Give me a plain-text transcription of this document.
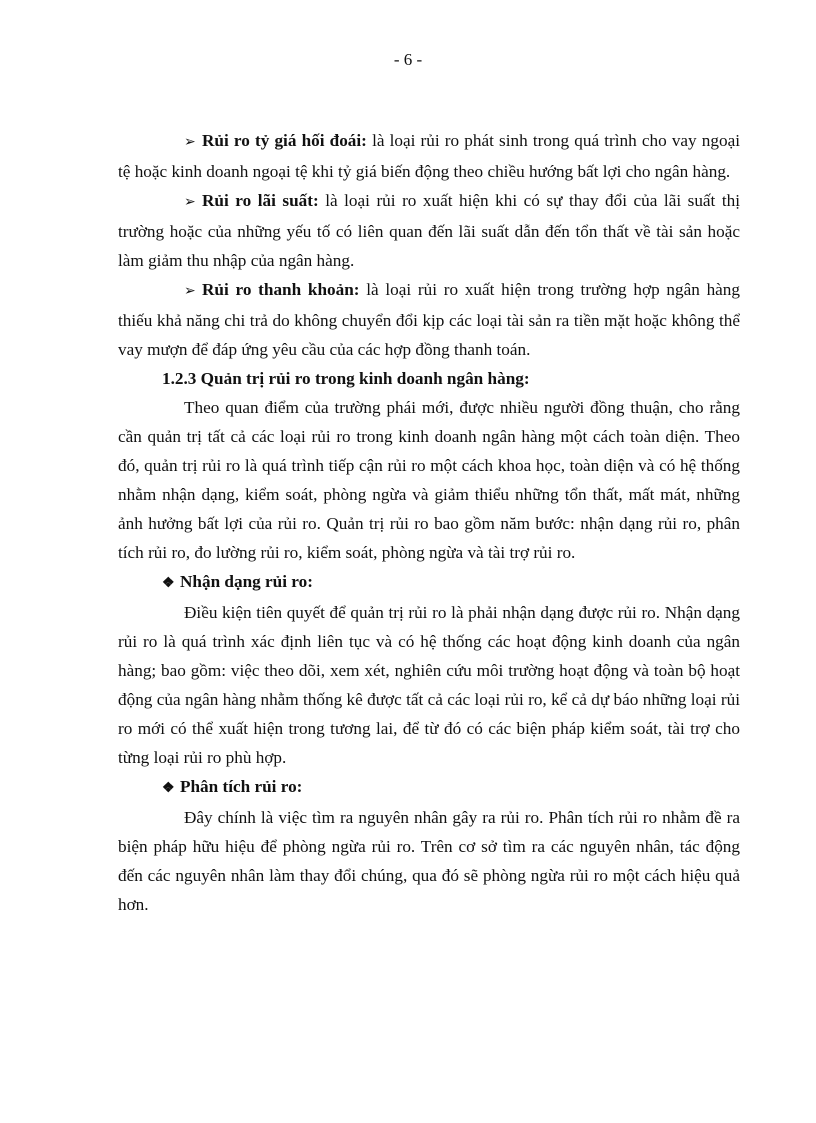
- 6 -

➢ Rủi ro tỷ giá hối đoái: là loại rủi ro phát sinh trong quá trình cho vay ngoại tệ hoặc kinh doanh ngoại tệ khi tỷ giá biến động theo chiều hướng bất lợi cho ngân hàng.

➢ Rủi ro lãi suất: là loại rủi ro xuất hiện khi có sự thay đổi của lãi suất thị trường hoặc của những yếu tố có liên quan đến lãi suất dẫn đến tổn thất về tài sản hoặc làm giảm thu nhập của ngân hàng.

➢ Rủi ro thanh khoản: là loại rủi ro xuất hiện trong trường hợp ngân hàng thiếu khả năng chi trả do không chuyển đổi kịp các loại tài sản ra tiền mặt hoặc không thể vay mượn để đáp ứng yêu cầu của các hợp đồng thanh toán.

1.2.3 Quản trị rủi ro trong kinh doanh ngân hàng:

Theo quan điểm của trường phái mới, được nhiều người đồng thuận, cho rằng cần quản trị tất cả các loại rủi ro trong kinh doanh ngân hàng một cách toàn diện. Theo đó, quản trị rủi ro là quá trình tiếp cận rủi ro một cách khoa học, toàn diện và có hệ thống nhằm nhận dạng, kiểm soát, phòng ngừa và giảm thiểu những tổn thất, mất mát, những ảnh hưởng bất lợi của rủi ro. Quản trị rủi ro bao gồm năm bước: nhận dạng rủi ro, phân tích rủi ro, đo lường rủi ro, kiểm soát, phòng ngừa và tài trợ rủi ro.

❖ Nhận dạng rủi ro:

Điều kiện tiên quyết để quản trị rủi ro là phải nhận dạng được rủi ro. Nhận dạng rủi ro là quá trình xác định liên tục và có hệ thống các hoạt động kinh doanh của ngân hàng; bao gồm: việc theo dõi, xem xét, nghiên cứu môi trường hoạt động và toàn bộ hoạt động của ngân hàng nhằm thống kê được tất cả các loại rủi ro, kể cả dự báo những loại rủi ro mới có thể xuất hiện trong tương lai, để từ đó có các biện pháp kiểm soát, tài trợ cho từng loại rủi ro phù hợp.

❖ Phân tích rủi ro:

Đây chính là việc tìm ra nguyên nhân gây ra rủi ro. Phân tích rủi ro nhằm đề ra biện pháp hữu hiệu để phòng ngừa rủi ro. Trên cơ sở tìm ra các nguyên nhân, tác động đến các nguyên nhân làm thay đổi chúng, qua đó sẽ phòng ngừa rủi ro một cách hiệu quả hơn.
